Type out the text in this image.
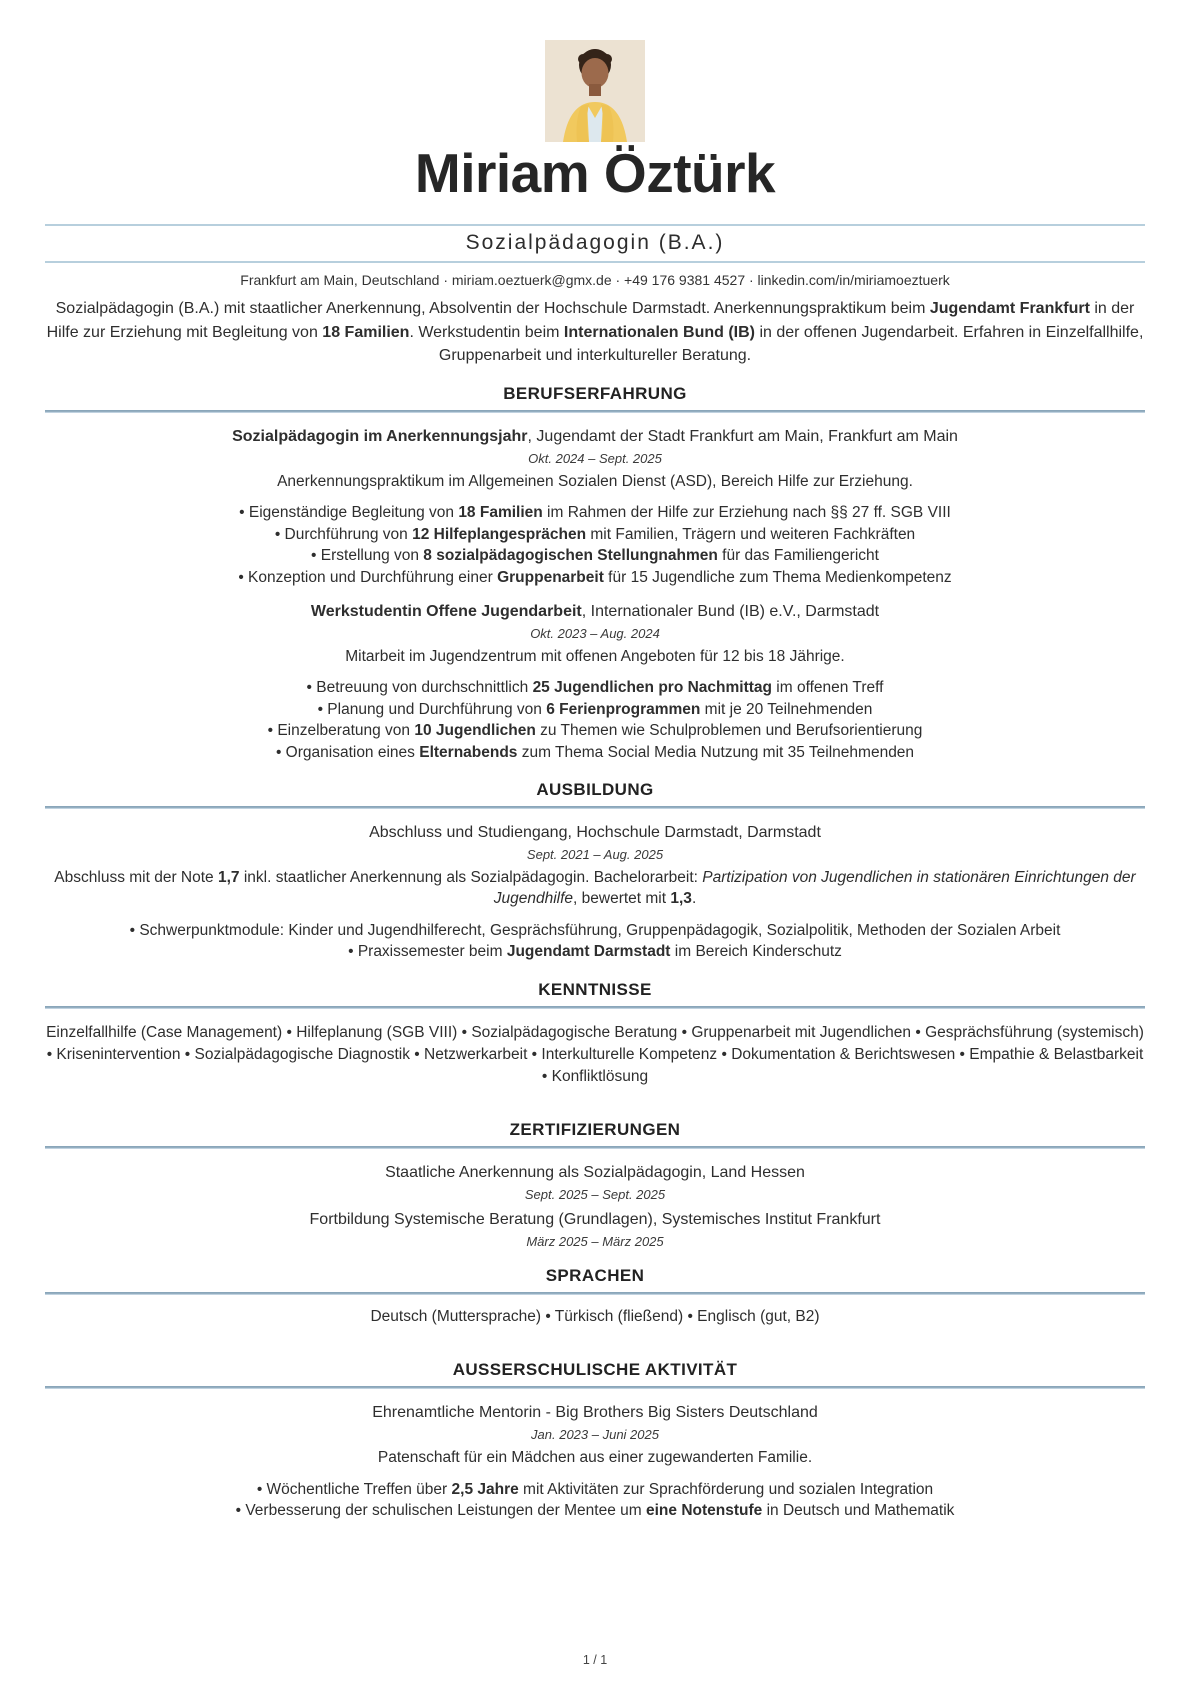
Miriam Öztürk
Sozialpädagogin (B.A.)
Frankfurt am Main, Deutschland · miriam.oeztuerk@gmx.de · +49 176 9381 4527 · linkedin.com/in/miriamoeztuerk

Sozialpädagogin (B.A.) mit staatlicher Anerkennung, Absolventin der Hochschule Darmstadt. Anerkennungspraktikum beim Jugendamt Frankfurt in der Hilfe zur Erziehung mit Begleitung von 18 Familien. Werkstudentin beim Internationalen Bund (IB) in der offenen Jugendarbeit. Erfahren in Einzelfallhilfe, Gruppenarbeit und interkultureller Beratung.

BERUFSERFAHRUNG
Sozialpädagogin im Anerkennungsjahr, Jugendamt der Stadt Frankfurt am Main, Frankfurt am Main
Okt. 2024 – Sept. 2025
Anerkennungspraktikum im Allgemeinen Sozialen Dienst (ASD), Bereich Hilfe zur Erziehung.
• Eigenständige Begleitung von 18 Familien im Rahmen der Hilfe zur Erziehung nach §§ 27 ff. SGB VIII
• Durchführung von 12 Hilfeplangesprächen mit Familien, Trägern und weiteren Fachkräften
• Erstellung von 8 sozialpädagogischen Stellungnahmen für das Familiengericht
• Konzeption und Durchführung einer Gruppenarbeit für 15 Jugendliche zum Thema Medienkompetenz
Werkstudentin Offene Jugendarbeit, Internationaler Bund (IB) e.V., Darmstadt
Okt. 2023 – Aug. 2024
Mitarbeit im Jugendzentrum mit offenen Angeboten für 12 bis 18 Jährige.
• Betreuung von durchschnittlich 25 Jugendlichen pro Nachmittag im offenen Treff
• Planung und Durchführung von 6 Ferienprogrammen mit je 20 Teilnehmenden
• Einzelberatung von 10 Jugendlichen zu Themen wie Schulproblemen und Berufsorientierung
• Organisation eines Elternabends zum Thema Social Media Nutzung mit 35 Teilnehmenden
AUSBILDUNG
Abschluss und Studiengang, Hochschule Darmstadt, Darmstadt
Sept. 2021 – Aug. 2025
Abschluss mit der Note 1,7 inkl. staatlicher Anerkennung als Sozialpädagogin. Bachelorarbeit: Partizipation von Jugendlichen in stationären Einrichtungen der Jugendhilfe, bewertet mit 1,3.
• Schwerpunktmodule: Kinder und Jugendhilferecht, Gesprächsführung, Gruppenpädagogik, Sozialpolitik, Methoden der Sozialen Arbeit
• Praxissemester beim Jugendamt Darmstadt im Bereich Kinderschutz
KENNTNISSE

Einzelfallhilfe (Case Management) • Hilfeplanung (SGB VIII) • Sozialpädagogische Beratung • Gruppenarbeit mit Jugendlichen • Gesprächsführung (systemisch) • Krisenintervention • Sozialpädagogische Diagnostik • Netzwerkarbeit • Interkulturelle Kompetenz • Dokumentation & Berichtswesen • Empathie & Belastbarkeit • Konfliktlösung

ZERTIFIZIERUNGEN
Staatliche Anerkennung als Sozialpädagogin, Land Hessen
Sept. 2025 – Sept. 2025
Fortbildung Systemische Beratung (Grundlagen), Systemisches Institut Frankfurt
März 2025 – März 2025
SPRACHEN

Deutsch (Muttersprache) • Türkisch (fließend) • Englisch (gut, B2)

AUSSERSCHULISCHE AKTIVITÄT
Ehrenamtliche Mentorin - Big Brothers Big Sisters Deutschland
Jan. 2023 – Juni 2025
Patenschaft für ein Mädchen aus einer zugewanderten Familie.
• Wöchentliche Treffen über 2,5 Jahre mit Aktivitäten zur Sprachförderung und sozialen Integration
• Verbesserung der schulischen Leistungen der Mentee um eine Notenstufe in Deutsch und Mathematik
1 / 1
